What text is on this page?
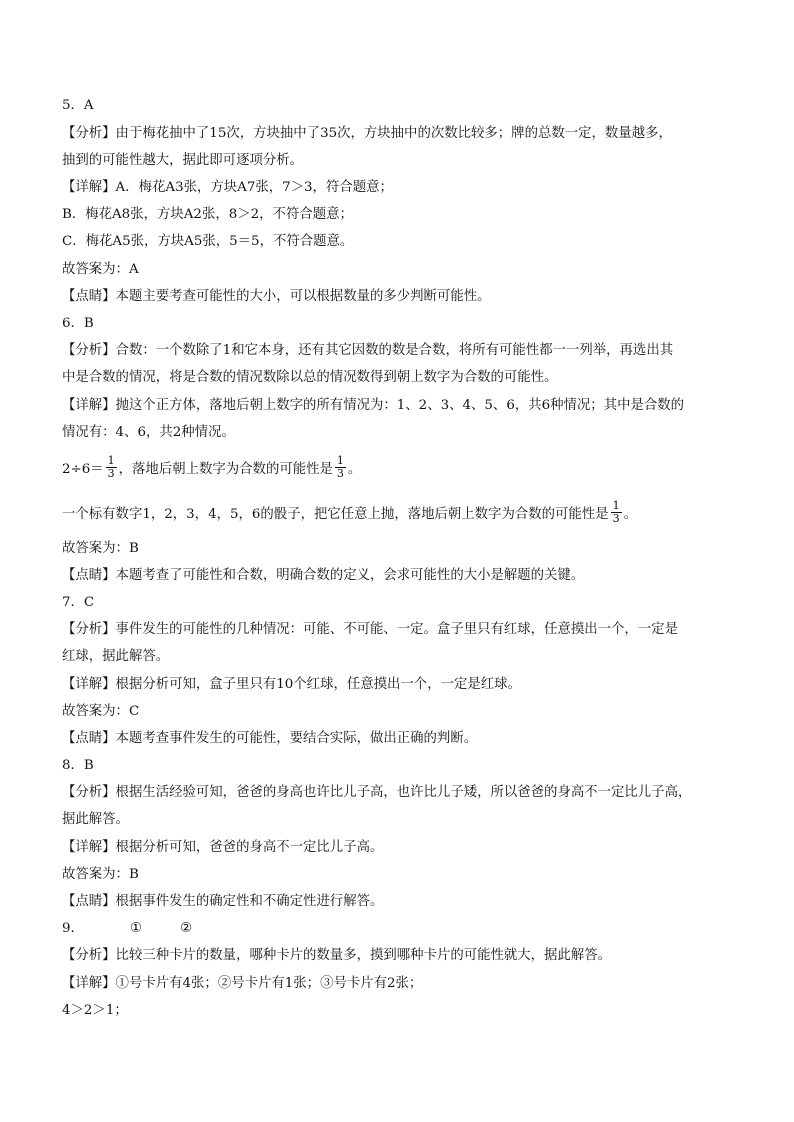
5．A
【分析】由于梅花抽中了15次，方块抽中了35次，方块抽中的次数比较多；牌的总数一定，数量越多，
抽到的可能性越大，据此即可逐项分析。
【详解】A．梅花A3张，方块A7张，7＞3，符合题意；
B．梅花A8张，方块A2张，8＞2，不符合题意；
C．梅花A5张，方块A5张，5＝5，不符合题意。
故答案为：A
【点睛】本题主要考查可能性的大小，可以根据数量的多少判断可能性。
6．B
【分析】合数：一个数除了1和它本身，还有其它因数的数是合数，将所有可能性都一一列举，再选出其
中是合数的情况，将是合数的情况数除以总的情况数得到朝上数字为合数的可能性。
【详解】抛这个正方体，落地后朝上数字的所有情况为：1、2、3、4、5、6，共6种情况；其中是合数的
情况有：4、6，共2种情况。
$2\div 6= \frac{1}{3}$ ，落地后朝上数字为合数的可能性是 $\frac{1}{3}$ 。
一个标有数字1，2，3，4，5，6的骰子，把它任意上抛，落地后朝上数字为合数的可能性是 $\frac{1}{3}$ 。
故答案为：B
【点睛】本题考查了可能性和合数，明确合数的定义，会求可能性的大小是解题的关键。
7．C
【分析】事件发生的可能性的几种情况：可能、不可能、一定。盒子里只有红球，任意摸出一个，一定是
红球，据此解答。
【详解】根据分析可知，盒子里只有10个红球，任意摸出一个，一定是红球。
故答案为：C
【点睛】本题考查事件发生的可能性，要结合实际，做出正确的判断。
8．B
【分析】根据生活经验可知，爸爸的身高也许比儿子高，也许比儿子矮，所以爸爸的身高不一定比儿子高，
据此解答。
【详解】根据分析可知，爸爸的身高不一定比儿子高。
故答案为：B
【点睛】根据事件发生的确定性和不确定性进行解答。
9．	①	②
【分析】比较三种卡片的数量，哪种卡片的数量多，摸到哪种卡片的可能性就大，据此解答。
【详解】①号卡片有4张；②号卡片有1张；③号卡片有2张；
4＞2＞1；
